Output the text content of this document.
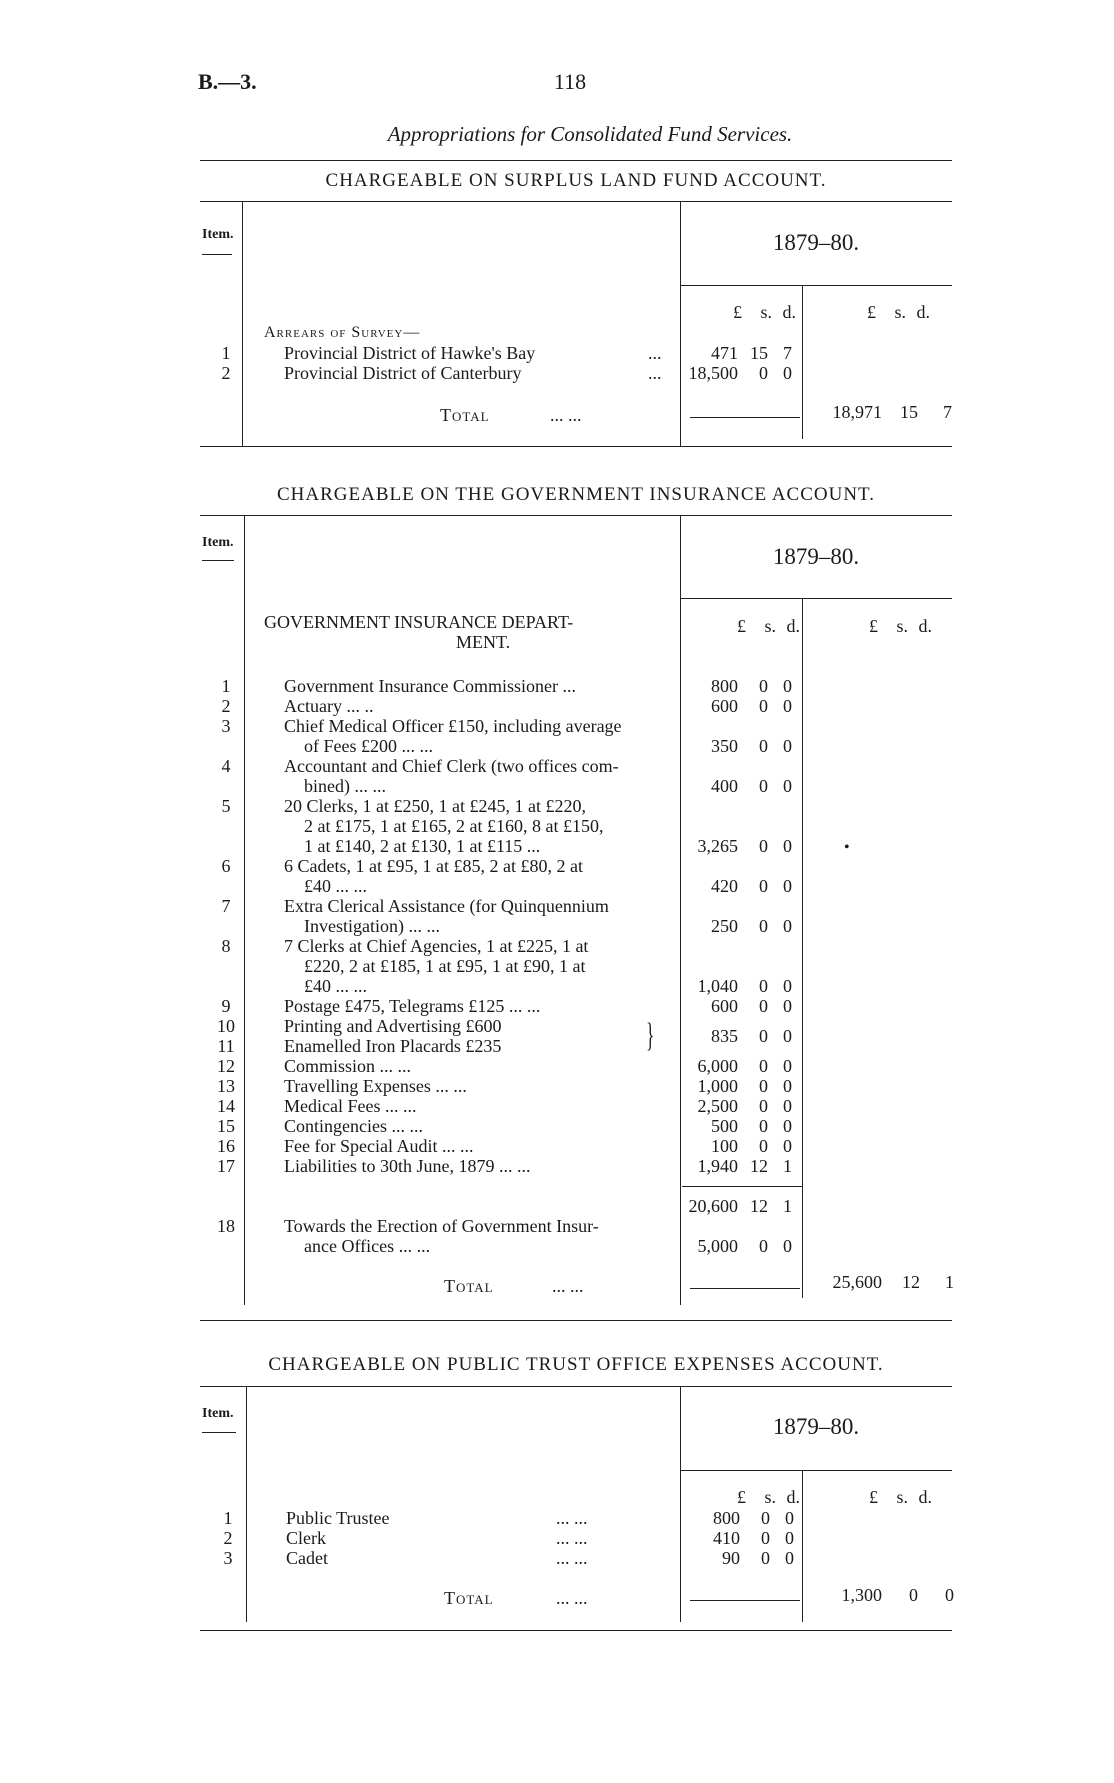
B.—3.	118
Appropriations for Consolidated Fund Services.
CHARGEABLE ON SURPLUS LAND FUND ACCOUNT.
Item.	1879–80.
£ s. d.	£ s. d.
Arrears of Survey—
1	Provincial District of Hawke's Bay	...	471 15 7
2	Provincial District of Canterbury	...	18,500 0 0
Total	... ...	18,971 15 7
CHARGEABLE ON THE GOVERNMENT INSURANCE ACCOUNT.
Item.
1879–80.
GOVERNMENT INSURANCE DEPART-
MENT.
£ s. d.	£ s. d.
1	Government Insurance Commissioner ...	800 0 0
2	Actuary ... ..	600 0 0
3	Chief Medical Officer £150, including average
of Fees £200 ... ...	350 0 0
4	Accountant and Chief Clerk (two offices com-
bined) ... ...	400 0 0
5	20 Clerks, 1 at £250, 1 at £245, 1 at £220,
2 at £175, 1 at £165, 2 at £160, 8 at £150,
1 at £140, 2 at £130, 1 at £115 ...	3,265 0 0	•
6	6 Cadets, 1 at £95, 1 at £85, 2 at £80, 2 at
£40 ... ...	420 0 0
7	Extra Clerical Assistance (for Quinquennium
Investigation) ... ...	250 0 0
8	7 Clerks at Chief Agencies, 1 at £225, 1 at
£220, 2 at £185, 1 at £95, 1 at £90, 1 at
£40 ... ...	1,040 0 0
9	Postage £475, Telegrams £125 ... ...	600 0 0
10	Printing and Advertising £600
11	Enamelled Iron Placards £235	}	835 0 0
12	Commission ... ...	6,000 0 0
13	Travelling Expenses ... ...	1,000 0 0
14	Medical Fees ... ...	2,500 0 0
15	Contingencies ... ...	500 0 0
16	Fee for Special Audit ... ...	100 0 0
17	Liabilities to 30th June, 1879 ... ...	1,940 12 1
20,600 12 1
18	Towards the Erection of Government Insur-
ance Offices ... ...	5,000 0 0
Total	... ...	25,600 12 1
CHARGEABLE ON PUBLIC TRUST OFFICE EXPENSES ACCOUNT.
Item.
1879–80.
£ s. d.	£ s. d.
1	Public Trustee	... ...	800 0 0
2	Clerk	... ...	410 0 0
3	Cadet	... ...	90 0 0
Total	... ...	1,300 0 0
